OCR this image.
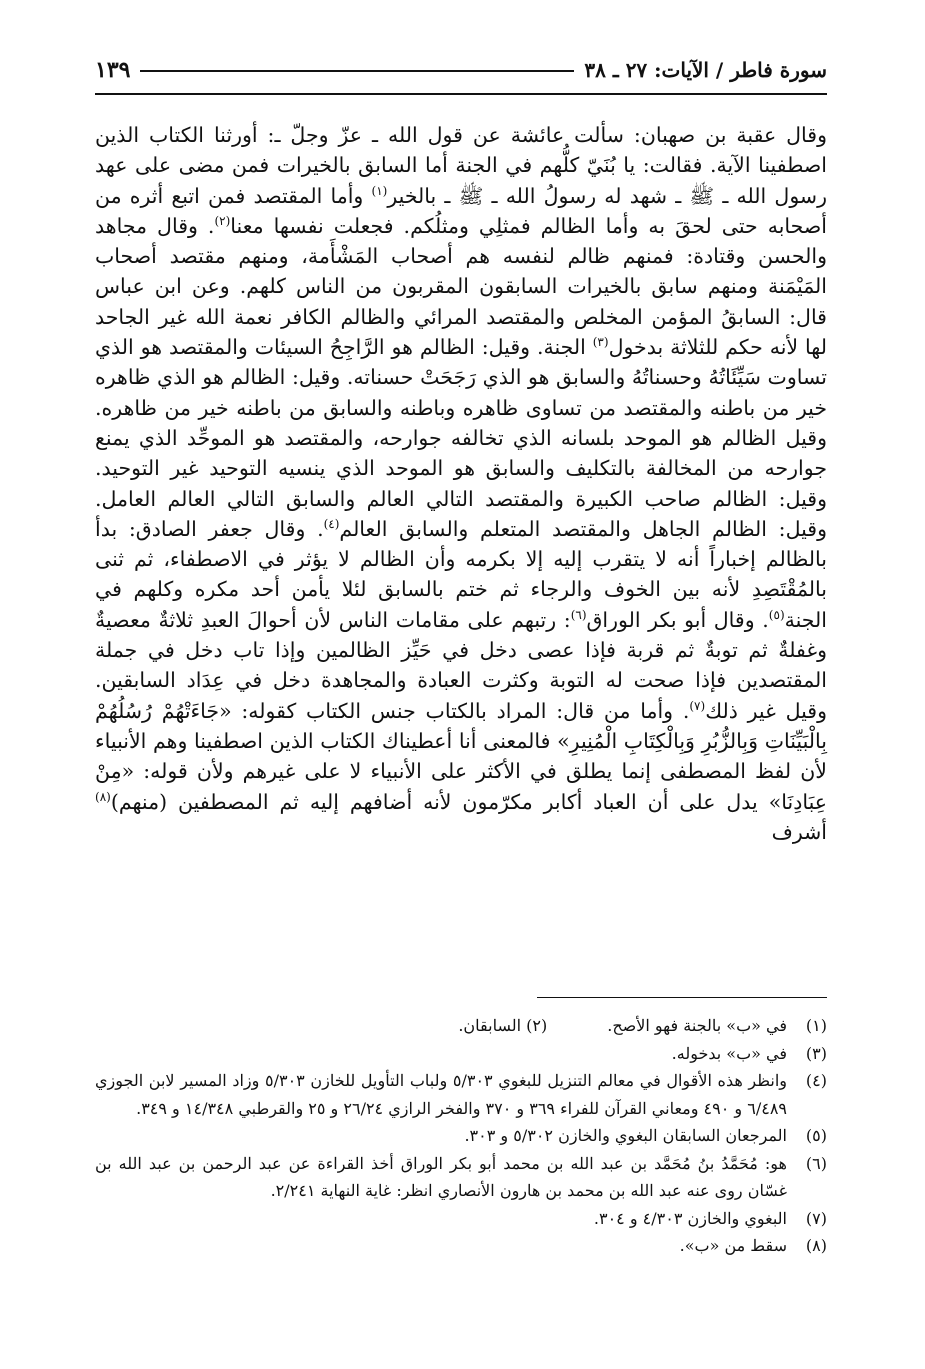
سورة فاطر / الآيات: ٢٧ ـ ٣٨
١٣٩

وقال عقبة بن صهبان: سألت عائشة عن قول الله ـ عزّ وجلّ ـ: أورثنا الكتاب الذين اصطفينا الآية. فقالت: يا بُنَيّ كلُّهم في الجنة أما السابق بالخيرات فمن مضى على عهد رسول الله ـ ﷺ ـ شهد له رسولُ الله ـ ﷺ ـ بالخير$^{(١)}$ وأما المقتصد فمن اتبع أثره من أصحابه حتى لحقَ به وأما الظالم فمثلِي ومثلُكم. فجعلت نفسها معنا$^{(٢)}$. وقال مجاهد والحسن وقتادة: فمنهم ظالم لنفسه هم أصحاب المَشْأَمة، ومنهم مقتصد أصحاب المَيْمَنة ومنهم سابق بالخيرات السابقون المقربون من الناس كلهم. وعن ابن عباس قال: السابقُ المؤمن المخلص والمقتصد المرائي والظالم الكافر نعمة الله غير الجاحد لها لأنه حكم للثلاثة بدخول$^{(٣)}$ الجنة. وقيل: الظالم هو الرَّاجِحُ السيئات والمقتصد هو الذي تساوت سَيِّئَاتُهُ وحسناتُهُ والسابق هو الذي رَجَحَتْ حسناته. وقيل: الظالم هو الذي ظاهره خير من باطنه والمقتصد من تساوى ظاهره وباطنه والسابق من باطنه خير من ظاهره. وقيل الظالم هو الموحد بلسانه الذي تخالفه جوارحه، والمقتصد هو الموحِّد الذي يمنع جوارحه من المخالفة بالتكليف والسابق هو الموحد الذي ينسيه التوحيد غير التوحيد. وقيل: الظالم صاحب الكبيرة والمقتصد التالي العالم والسابق التالي العالم العامل. وقيل: الظالم الجاهل والمقتصد المتعلم والسابق العالم$^{(٤)}$. وقال جعفر الصادق: بدأ بالظالم إخباراً أنه لا يتقرب إليه إلا بكرمه وأن الظالم لا يؤثر في الاصطفاء، ثم ثنى بالمُقْتَصِدِ لأنه بين الخوف والرجاء ثم ختم بالسابق لئلا يأمن أحد مكره وكلهم في الجنة$^{(٥)}$. وقال أبو بكر الوراق$^{(٦)}$: رتبهم على مقامات الناس لأن أحوالَ العبدِ ثلاثةٌ معصيةٌ وغفلةٌ ثم توبةٌ ثم قربة فإذا عصى دخل في حَيِّز الظالمين وإذا تاب دخل في جملة المقتصدين فإذا صحت له التوبة وكثرت العبادة والمجاهدة دخل في عِدَاد السابقين. وقيل غير ذلك$^{(٧)}$. وأما من قال: المراد بالكتاب جنس الكتاب كقوله: «جَاءَتْهُمْ رُسُلُهُمْ بِالْبَيِّنَاتِ وَبِالزُّبُرِ وَبِالْكِتَابِ الْمُنِيرِ» فالمعنى أنا أعطيناك الكتاب الذين اصطفينا وهم الأنبياء لأن لفظ المصطفى إنما يطلق في الأكثر على الأنبياء لا على غيرهم ولأن قوله: «مِنْ عِبَادِنَا» يدل على أن العباد أكابر مكرّمون لأنه أضافهم إليه ثم المصطفين (منهم)$^{(٨)}$ أشرف

(١)
في «ب» بالجنة فهو الأصح.
(٢)

السابقان.
(٣)
في «ب» بدخوله.
(٤)
وانظر هذه الأقوال في معالم التنزيل للبغوي ٥/٣٠٣ ولباب التأويل للخازن ٥/٣٠٣ وزاد المسير لابن الجوزي ٦/٤٨٩ و ٤٩٠ ومعاني القرآن للفراء ٣٦٩ و ٣٧٠ والفخر الرازي ٢٦/٢٤ و ٢٥ والقرطبي ١٤/٣٤٨ و ٣٤٩.
(٥)
المرجعان السابقان البغوي والخازن ٥/٣٠٢ و ٣٠٣.
(٦)
هو: مُحَمَّدُ بنُ مُحَمَّد بن عبد الله بن محمد أبو بكر الوراق أخذ القراءة عن عبد الرحمن بن عبد الله بن غسّان روى عنه عبد الله بن محمد بن هارون الأنصاري انظر: غاية النهاية ٢/٢٤١.
(٧)
البغوي والخازن ٤/٣٠٣ و ٣٠٤.
(٨)
سقط من «ب».
